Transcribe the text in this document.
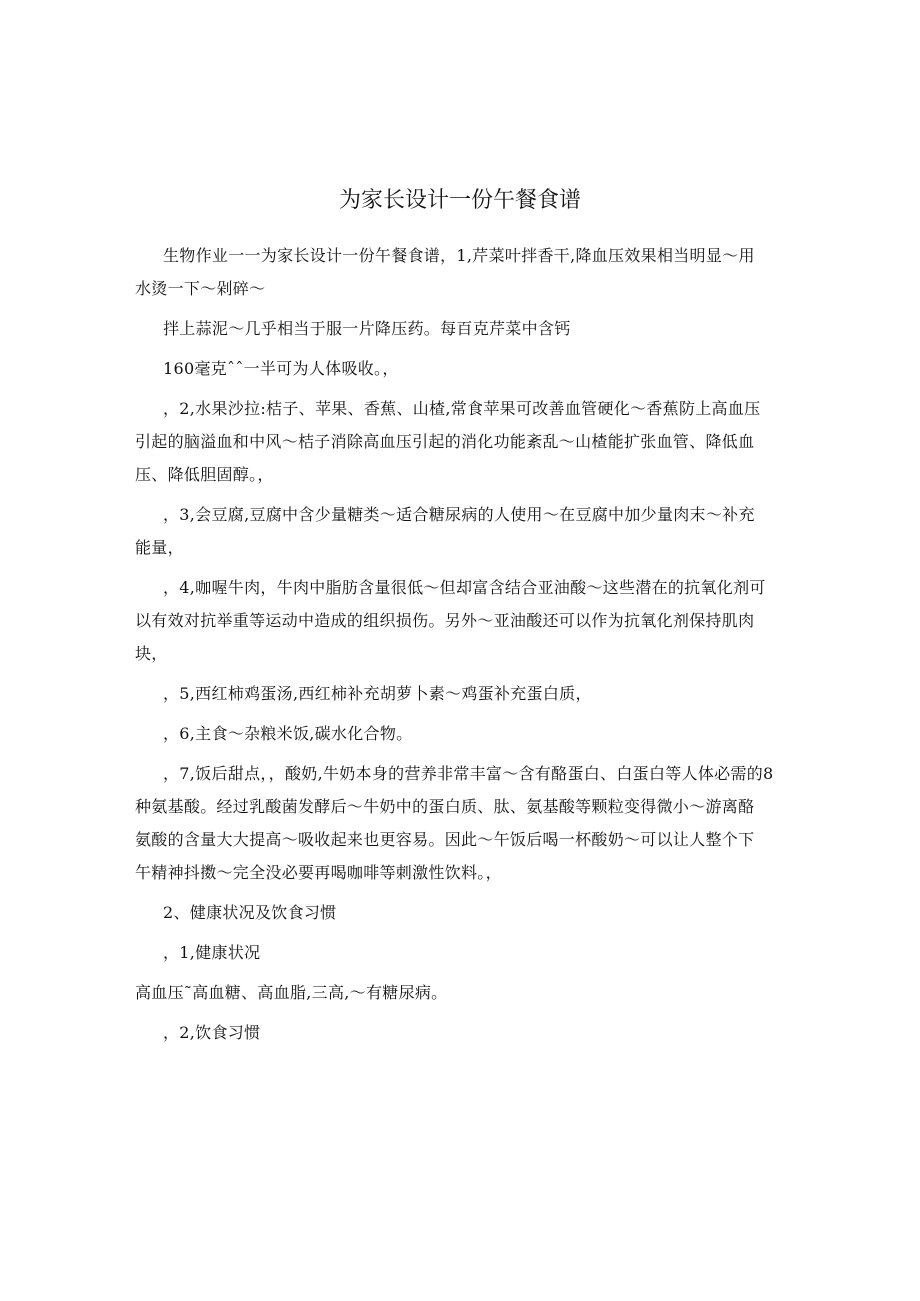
为家长设计一份午餐食谱

生物作业一一为家长设计一份午餐食谱，1,芹菜叶拌香干,降血压效果相当明显～用
水烫一下～剁碎～

拌上蒜泥～几乎相当于服一片降压药。每百克芹菜中含钙

160毫克ˆˆ一半可为人体吸收。，

，2,水果沙拉:桔子、苹果、香蕉、山楂,常食苹果可改善血管硬化～香蕉防上高血压
引起的脑溢血和中风～桔子消除高血压引起的消化功能紊乱～山楂能扩张血管、降低血
压、降低胆固醇。，

，3,会豆腐,豆腐中含少量糖类～适合糖尿病的人使用～在豆腐中加少量肉末～补充
能量，

，4,咖喔牛肉，牛肉中脂肪含量很低～但却富含结合亚油酸～这些潜在的抗氧化剂可
以有效对抗举重等运动中造成的组织损伤。另外～亚油酸还可以作为抗氧化剂保持肌肉
块，

，5,西红柿鸡蛋汤,西红柿补充胡萝卜素～鸡蛋补充蛋白质，

，6,主食～杂粮米饭,碳水化合物。

，7,饭后甜点，，酸奶,牛奶本身的营养非常丰富～含有酪蛋白、白蛋白等人体必需的8
种氨基酸。经过乳酸菌发酵后～牛奶中的蛋白质、肽、氨基酸等颗粒变得微小～游离酪
氨酸的含量大大提高～吸收起来也更容易。因此～午饭后喝一杯酸奶～可以让人整个下
午精神抖擞～完全没必要再喝咖啡等刺激性饮料。，

2、健康状况及饮食习惯

，1,健康状况

高血压˜高血糖、高血脂,三高,～有糖尿病。

，2,饮食习惯
